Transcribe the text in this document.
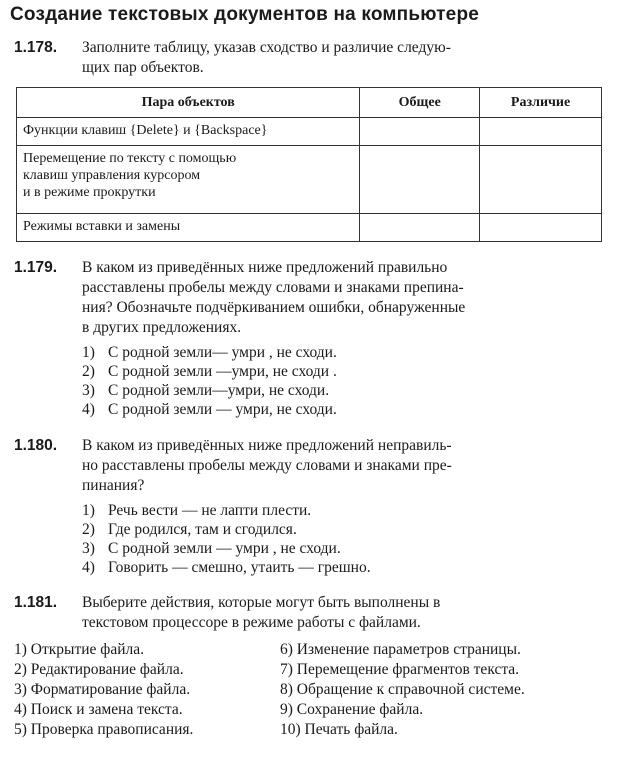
Создание текстовых документов на компьютере
1.178. Заполните таблицу, указав сходство и различие следую-
щих пар объектов.
Пара объектов	Общее	Различие

Функции клавиш {Delete} и {Backspace}		

Перемещение по тексту с помощью
клавиш управления курсором
и в режиме прокрутки		

Режимы вставки и замены		

1.179. В каком из приведённых ниже предложений правильно
расставлены пробелы между словами и знаками препина-
ния? Обозначьте подчёркиванием ошибки, обнаруженные
в других предложениях.
1) С родной земли— умри , не сходи.
2) С родной земли —умри, не сходи .
3) С родной земли—умри, не сходи.
4) С родной земли — умри, не сходи.
1.180. В каком из приведённых ниже предложений неправиль-
но расставлены пробелы между словами и знаками пре-
пинания?
1) Речь вести — не лапти плести.
2) Где родился, там и сгодился.
3) С родной земли — умри , не сходи.
4) Говорить — смешно, утаить — грешно.
1.181. Выберите действия, которые могут быть выполнены в
текстовом процессоре в режиме работы с файлами.
1) Открытие файла.
2) Редактирование файла.
3) Форматирование файла.
4) Поиск и замена текста.
5) Проверка правописания.
6) Изменение параметров страницы.
7) Перемещение фрагментов текста.
8) Обращение к справочной системе.
9) Сохранение файла.
10) Печать файла.
